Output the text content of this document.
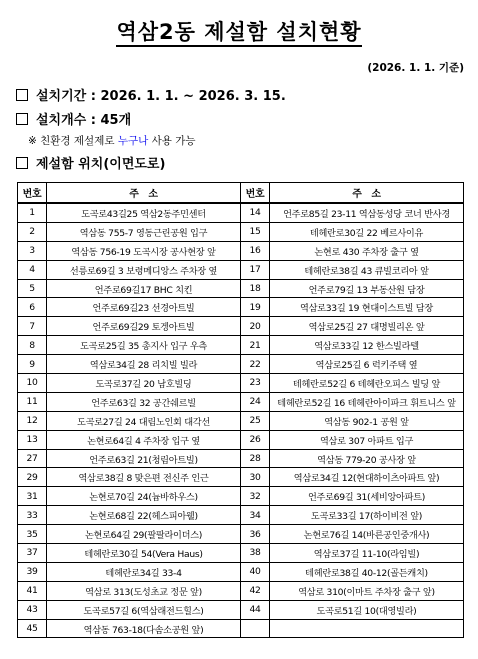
역삼2동 제설함 설치현황
(2026. 1. 1. 기준)
설치기간 : 2026. 1. 1. ~ 2026. 3. 15.
설치개수 : 45개
※ 친환경 제설제로 누구나 사용 가능
제설함 위치(이면도로)
번호	주　소	번호	주　소
1	도곡로43길25 역삼2동주민센터	14	언주로85길 23-11 역삼동성당 코너 반사경
2	역삼동 755-7 영동근린공원 입구	15	테헤란로30길 22 베르사이유
3	역삼동 756-19 도곡시장 공사현장 앞	16	논현로 430 주차장 출구 옆
4	선릉로69길 3 보령메디앙스 주차장 옆	17	테헤란로38길 43 큐빌코리아 앞
5	언주로69길17 BHC 치킨	18	언주로79길 13 부동산원 담장
6	언주로69길23 선경아트빌	19	역삼로33길 19 현대이스트빌 담장
7	언주로69길29 토겡아트빌	20	역삼로25길 27 대명빌리온 앞
8	도곡로25길 35 총지사 입구 우측	21	역삼로33길 12 한스빌라텔
9	역삼로34길 28 리치빌 빌라	22	역삼로25길 6 럭키주택 옆
10	도곡로37길 20 남호빌딩	23	테헤란로52길 6 테헤란오피스 빌딩 앞
11	언주로63길 32 공간쉐르빌	24	테헤란로52길 16 테헤란아이파크 휘트니스 앞
12	도곡로27길 24 대림노인회 대각선	25	역삼동 902-1 공원 앞
13	논현로64길 4 주차장 입구 옆	26	역삼로 307 아파트 입구
27	언주로63길 21(청림아트빌)	28	역삼동 779-20 공사장 앞
29	역삼로38길 8 맞은편 전신주 인근	30	역삼로34길 12(현대하이츠아파트 앞)
31	논현로70길 24(늄바하우스)	32	언주로69길 31(세비앙아파트)
33	논현로68길 22(헤스피아웰)	34	도곡로33길 17(하이비전 앞)
35	논현로64길 29(팔팔라이더스)	36	논현로76길 14(바른공인중개사)
37	테헤란로30길 54(Vera Haus)	38	역삼로37길 11-10(라임빌)
39	테헤란로34길 33-4	40	테헤란로38길 40-12(골든캐치)
41	역삼로 313(도성초교 정문 앞)	42	역삼로 310(이마트 주차장 출구 앞)
43	도곡로57길 6(역삼래전드힐스)	44	도곡로51길 10(대영빌라)
45	역삼동 763-18(다솜소공원 앞)		
